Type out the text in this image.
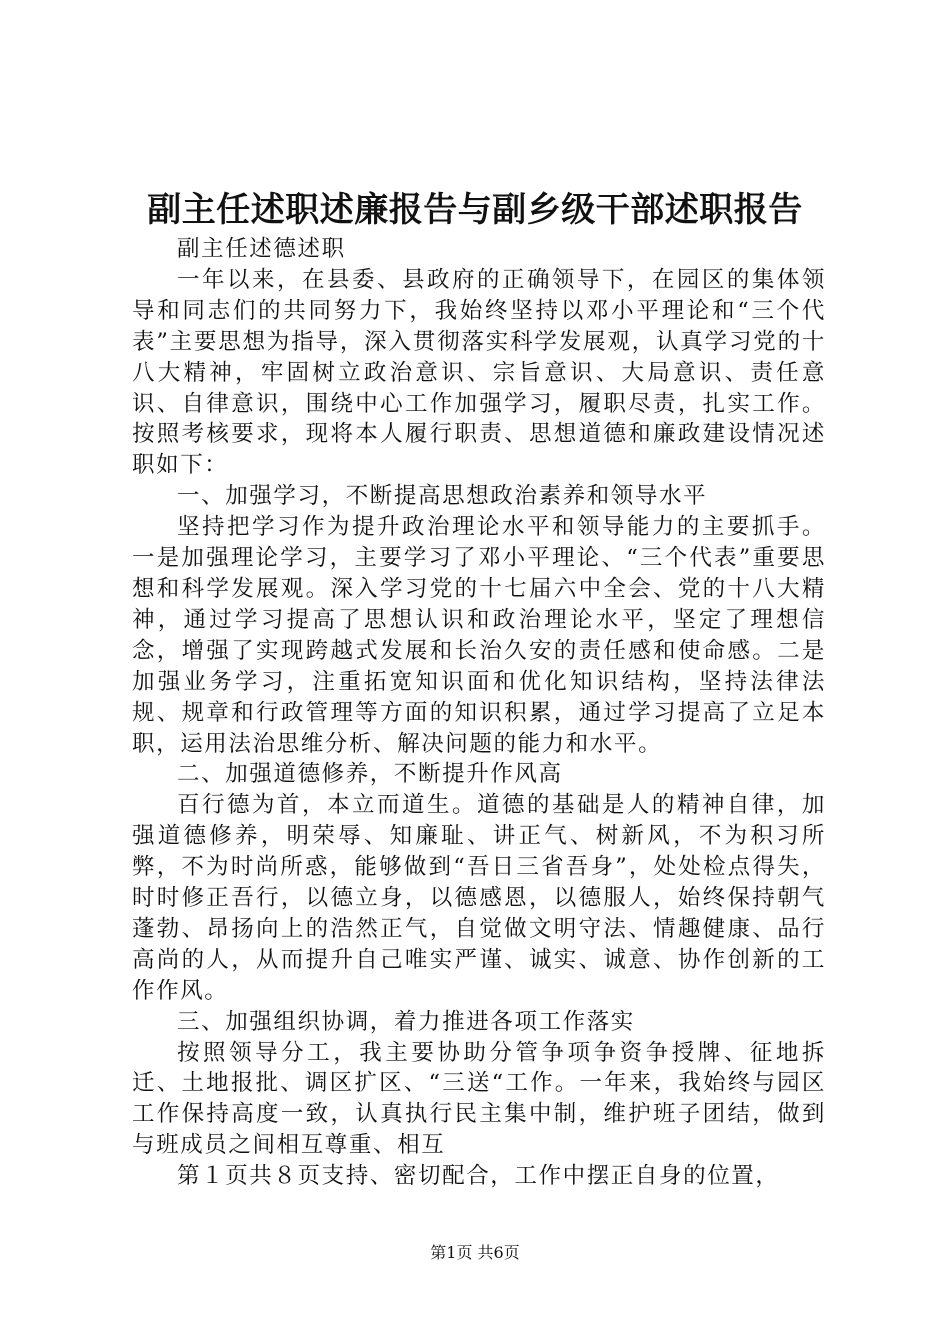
副主任述职述廉报告与副乡级干部述职报告

副主任述德述职

一年以来，在县委、县政府的正确领导下，在园区的集体领导和同志们的共同努力下，我始终坚持以邓小平理论和“三个代表”主要思想为指导，深入贯彻落实科学发展观，认真学习党的十八大精神，牢固树立政治意识、宗旨意识、大局意识、责任意识、自律意识，围绕中心工作加强学习，履职尽责，扎实工作。按照考核要求，现将本人履行职责、思想道德和廉政建设情况述职如下：

一、加强学习，不断提高思想政治素养和领导水平

坚持把学习作为提升政治理论水平和领导能力的主要抓手。一是加强理论学习，主要学习了邓小平理论、“三个代表”重要思想和科学发展观。深入学习党的十七届六中全会、党的十八大精神，通过学习提高了思想认识和政治理论水平，坚定了理想信念，增强了实现跨越式发展和长治久安的责任感和使命感。二是加强业务学习，注重拓宽知识面和优化知识结构，坚持法律法规、规章和行政管理等方面的知识积累，通过学习提高了立足本职，运用法治思维分析、解决问题的能力和水平。

二、加强道德修养，不断提升作风高

百行德为首，本立而道生。道德的基础是人的精神自律，加强道德修养，明荣辱、知廉耻、讲正气、树新风，不为积习所弊，不为时尚所惑，能够做到“吾日三省吾身”，处处检点得失，时时修正吾行，以德立身，以德感恩，以德服人，始终保持朝气蓬勃、昂扬向上的浩然正气，自觉做文明守法、情趣健康、品行高尚的人，从而提升自己唯实严谨、诚实、诚意、协作创新的工作作风。

三、加强组织协调，着力推进各项工作落实

按照领导分工，我主要协助分管争项争资争授牌、征地拆迁、土地报批、调区扩区、“三送“工作。一年来，我始终与园区工作保持高度一致，认真执行民主集中制，维护班子团结，做到与班成员之间相互尊重、相互

第１页共８页支持、密切配合，工作中摆正自身的位置，

第1页 共6页
